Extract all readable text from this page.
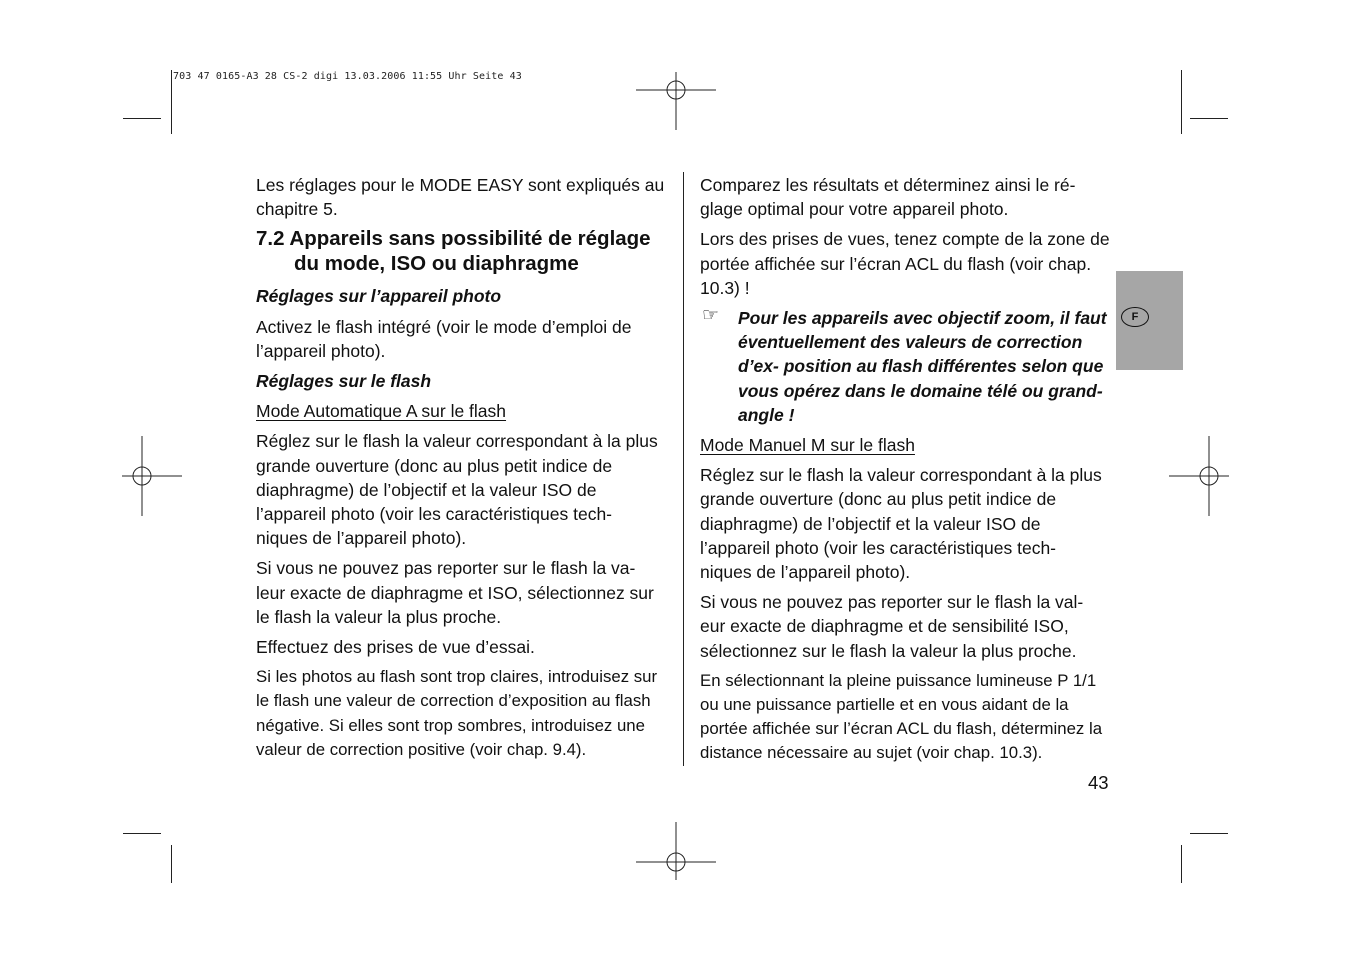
703 47 0165-A3 28 CS-2 digi 13.03.2006 11:55 Uhr Seite 43

Les réglages pour le MODE EASY sont expliqués au chapitre 5.

7.2 Appareils sans possibilité de réglage du mode, ISO ou diaphragme

Réglages sur l’appareil photo

Activez le flash intégré (voir le mode d’emploi de l’appareil photo).

Réglages sur le flash

Mode Automatique A sur le flash

Réglez sur le flash la valeur correspondant à la plus grande ouverture (donc au plus petit indice de diaphragme) de l’objectif et la valeur ISO de l’appareil photo (voir les caractéristiques tech- niques de l’appareil photo).

Si vous ne pouvez pas reporter sur le flash la va- leur exacte de diaphragme et ISO, sélectionnez sur le flash la valeur la plus proche.

Effectuez des prises de vue d’essai.

Si les photos au flash sont trop claires, introduisez sur le flash une valeur de correction d’exposition au flash négative. Si elles sont trop sombres, introduisez une valeur de correction positive (voir chap. 9.4).

Comparez les résultats et déterminez ainsi le ré- glage optimal pour votre appareil photo.

Lors des prises de vues, tenez compte de la zone de portée affichée sur l’écran ACL du flash (voir chap. 10.3) !

☞ Pour les appareils avec objectif zoom, il faut éventuellement des valeurs de correction d’ex- position au flash différentes selon que vous opérez dans le domaine télé ou grand-angle !

Mode Manuel M sur le flash

Réglez sur le flash la valeur correspondant à la plus grande ouverture (donc au plus petit indice de diaphragme) de l’objectif et la valeur ISO de l’appareil photo (voir les caractéristiques tech- niques de l’appareil photo).

Si vous ne pouvez pas reporter sur le flash la val- eur exacte de diaphragme et de sensibilité ISO, sélectionnez sur le flash la valeur la plus proche.

En sélectionnant la pleine puissance lumineuse P 1/1 ou une puissance partielle et en vous aidant de la portée affichée sur l’écran ACL du flash, déterminez la distance nécessaire au sujet (voir chap. 10.3).

F
43
